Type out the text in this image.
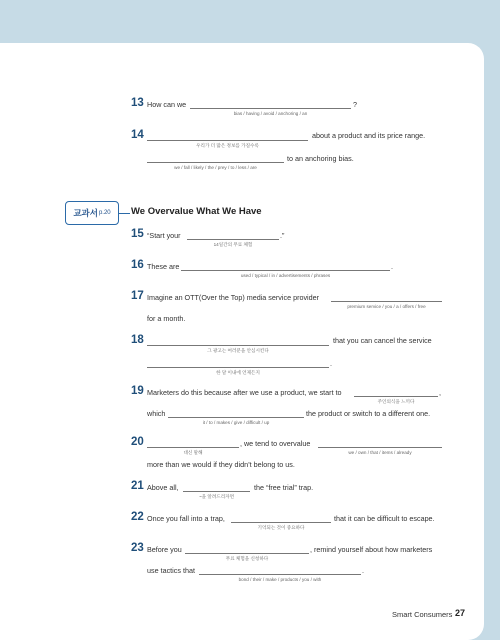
13 How can we	?
bias / having / avoid / anchoring / an
14	about a product and its price range.
우리가 더 많은 정보를 가질수록
to an anchoring bias.
we / fall / likely / the / prey / to / less / are
교과서 p.20 We Overvalue What We Have
15 “Start your	.”
14일간의 무료 체험
16 These are	.
used / typical / in / advertisements / phrases
17 Imagine an OTT(Over the Top) media service provider
premium service / you / a / offers / free
for a month.
18	that you can cancel the service
그 광고는 여러분을 안심시킨다
.
한 달 이내에 언제든지
19 Marketers do this because after we use a product, we start to	,
주인의식을 느끼다
which	the product or switch to a different one.
it / to / makes / give / difficult / up
20	, we tend to overvalue
대신 말해	we / own / that / items / already
more than we would if they didn’t belong to us.
21 Above all,	the “free trial” trap.
~을 알려드리자면
22 Once you fall into a trap,	that it can be difficult to escape.
기억되는 것이 중요하다
23 Before you	, remind yourself about how marketers
무료 체험을 신청하다
use tactics that	.
bond / their / make / products / you / with
Smart Consumers 27
